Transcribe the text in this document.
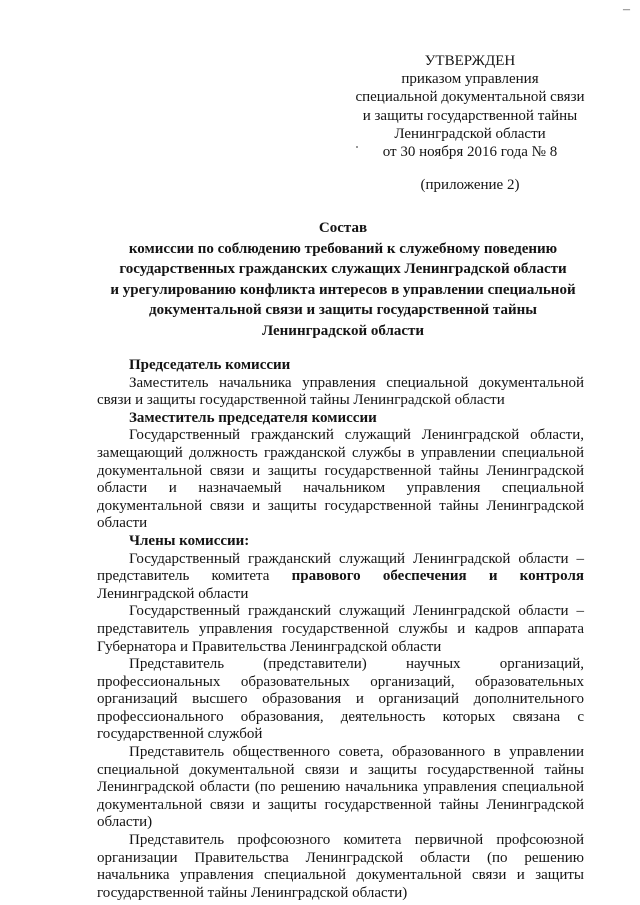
–
УТВЕРЖДЕН
приказом управления
специальной документальной связи
и защиты государственной тайны
Ленинградской области
от 30 ноября 2016 года № 8
(приложение 2)
Состав
комиссии по соблюдению требований к служебному поведению
государственных гражданских служащих Ленинградской области
и урегулированию конфликта интересов в управлении специальной
документальной связи и защиты государственной тайны
Ленинградской области
Председатель комиссии

Заместитель начальника управления специальной документальной связи и защиты государственной тайны Ленинградской области

Заместитель председателя комиссии

Государственный гражданский служащий Ленинградской области, замещающий должность гражданской службы в управлении специальной документальной связи и защиты государственной тайны Ленинградской области и назначаемый начальником управления специальной документальной связи и защиты государственной тайны Ленинградской области

Члены комиссии:

Государственный гражданский служащий Ленинградской области – представитель комитета правового обеспечения и контроля Ленинградской области

Государственный гражданский служащий Ленинградской области – представитель управления государственной службы и кадров аппарата Губернатора и Правительства Ленинградской области

Представитель (представители) научных организаций, профессиональных образовательных организаций, образовательных организаций высшего образования и организаций дополнительного профессионального образования, деятельность которых связана с государственной службой

Представитель общественного совета, образованного в управлении специальной документальной связи и защиты государственной тайны Ленинградской области (по решению начальника управления специальной документальной связи и защиты государственной тайны Ленинградской области)

Представитель профсоюзного комитета первичной профсоюзной организации Правительства Ленинградской области (по решению начальника управления специальной документальной связи и защиты государственной тайны Ленинградской области)
